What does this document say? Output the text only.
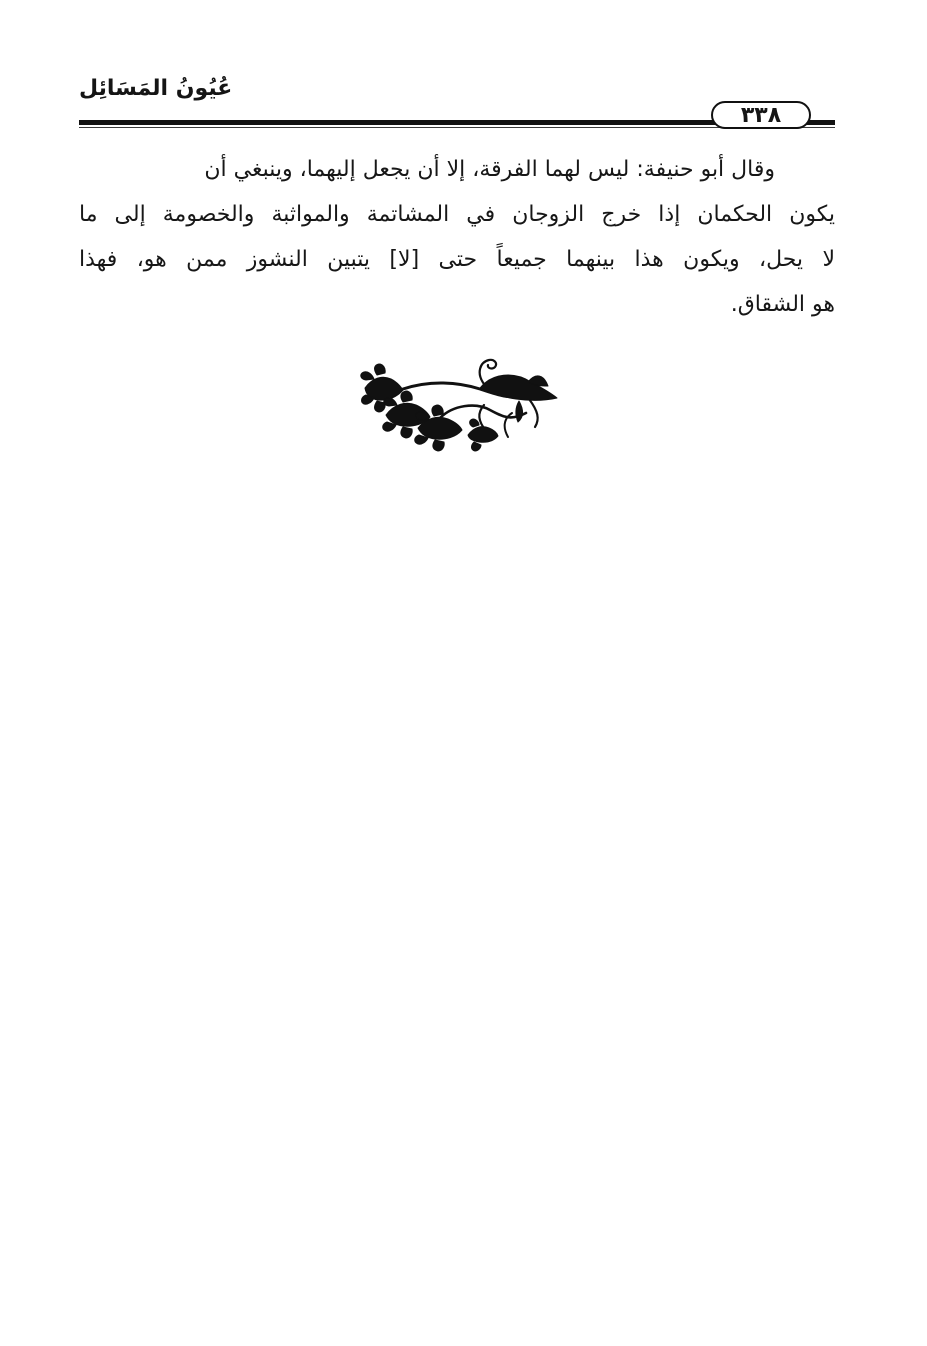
عُيُونُ المَسَائِل
٣٣٨
وقال أبو حنيفة: ليس لهما الفرقة، إلا أن يجعل إليهما، وينبغي أن
يكون الحكمان إذا خرج الزوجان في المشاتمة والمواثبة والخصومة إلى ما
لا يحل، ويكون هذا بينهما جميعاً حتى [لا] يتبين النشوز ممن هو، فهذا
هو الشقاق.
